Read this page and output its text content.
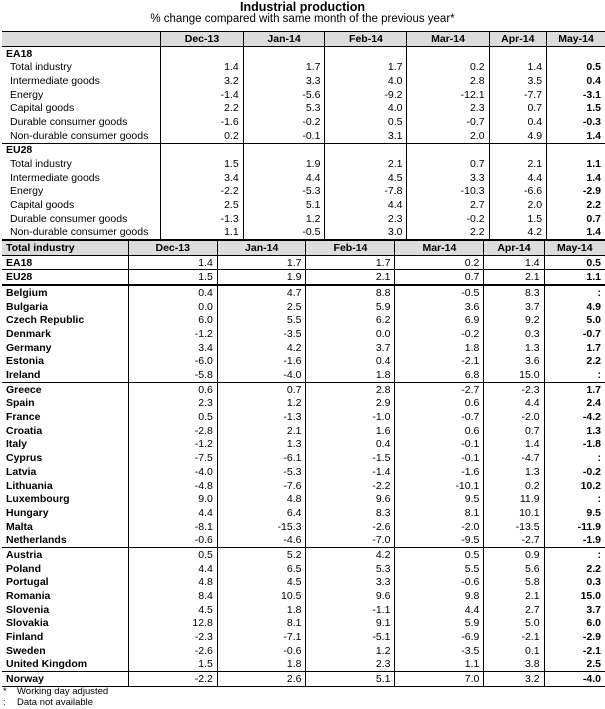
Industrial production
% change compared with same month of the previous year*
	Dec-13	Jan-14	Feb-14	Mar-14	Apr-14	May-14
EA18						
Total industry	1.4	1.7	1.7	0.2	1.4	0.5
Intermediate goods	3.2	3.3	4.0	2.8	3.5	0.4
Energy	-1.4	-5.6	-9.2	-12.1	-7.7	-3.1
Capital goods	2.2	5.3	4.0	2.3	0.7	1.5
Durable consumer goods	-1.6	-0.2	0.5	-0.7	0.4	-0.3
Non-durable consumer goods	0.2	-0.1	3.1	2.0	4.9	1.4
EU28						
Total industry	1.5	1.9	2.1	0.7	2.1	1.1
Intermediate goods	3.4	4.4	4.5	3.3	4.4	1.4
Energy	-2.2	-5.3	-7.8	-10.3	-6.6	-2.9
Capital goods	2.5	5.1	4.4	2.7	2.0	2.2
Durable consumer goods	-1.3	1.2	2.3	-0.2	1.5	0.7
Non-durable consumer goods	1.1	-0.5	3.0	2.2	4.2	1.4
Total industry	Dec-13	Jan-14	Feb-14	Mar-14	Apr-14	May-14
EA18	1.4	1.7	1.7	0.2	1.4	0.5
EU28	1.5	1.9	2.1	0.7	2.1	1.1
Belgium	0.4	4.7	8.8	-0.5	8.3	:
Bulgaria	0.0	2.5	5.9	3.6	3.7	4.9
Czech Republic	6.0	5.5	6.2	6.9	9.2	5.0
Denmark	-1.2	-3.5	0.0	-0.2	0.3	-0.7
Germany	3.4	4.2	3.7	1.8	1.3	1.7
Estonia	-6.0	-1.6	0.4	-2.1	3.6	2.2
Ireland	-5.8	-4.0	1.8	6.8	15.0	:
Greece	0.6	0.7	2.8	-2.7	-2.3	1.7
Spain	2.3	1.2	2.9	0.6	4.4	2.4
France	0.5	-1.3	-1.0	-0.7	-2.0	-4.2
Croatia	-2.8	2.1	1.6	0.6	0.7	1.3
Italy	-1.2	1.3	0.4	-0.1	1.4	-1.8
Cyprus	-7.5	-6.1	-1.5	-0.1	-4.7	:
Latvia	-4.0	-5.3	-1.4	-1.6	1.3	-0.2
Lithuania	-4.8	-7.6	-2.2	-10.1	0.2	10.2
Luxembourg	9.0	4.8	9.6	9.5	11.9	:
Hungary	4.4	6.4	8.3	8.1	10.1	9.5
Malta	-8.1	-15.3	-2.6	-2.0	-13.5	-11.9
Netherlands	-0.6	-4.6	-7.0	-9.5	-2.7	-1.9
Austria	0.5	5.2	4.2	0.5	0.9	:
Poland	4.4	6.5	5.3	5.5	5.6	2.2
Portugal	4.8	4.5	3.3	-0.6	5.8	0.3
Romania	8.4	10.5	9.6	9.8	2.1	15.0
Slovenia	4.5	1.8	-1.1	4.4	2.7	3.7
Slovakia	12.8	8.1	9.1	5.9	5.0	6.0
Finland	-2.3	-7.1	-5.1	-6.9	-2.1	-2.9
Sweden	-2.6	-0.6	1.2	-3.5	0.1	-2.1
United Kingdom	1.5	1.8	2.3	1.1	3.8	2.5
Norway	-2.2	2.6	5.1	7.0	3.2	-4.0
* Working day adjusted
: Data not available
